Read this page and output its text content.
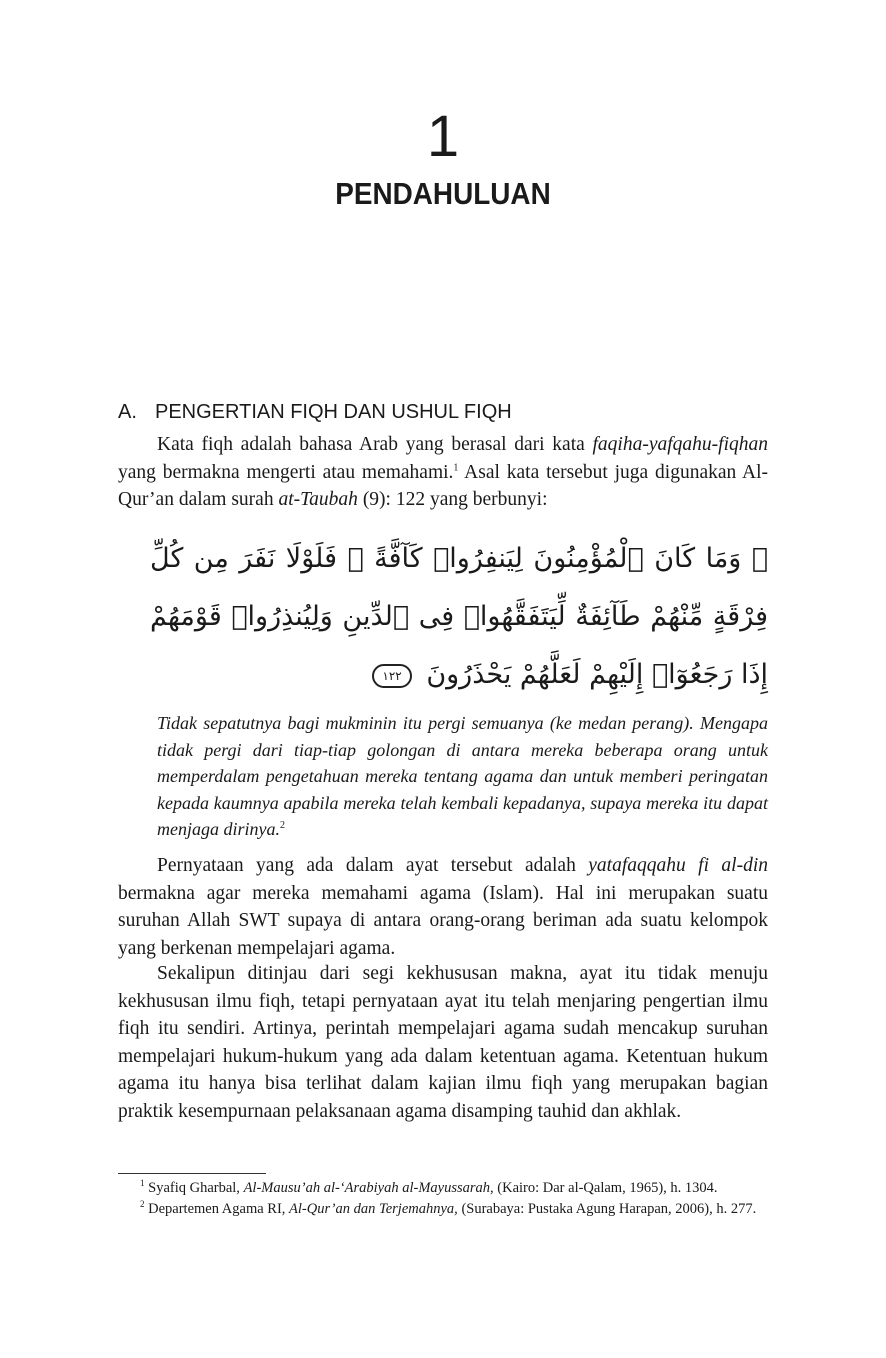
1
PENDAHULUAN
A. PENGERTIAN FIQH DAN USHUL FIQH

Kata fiqh adalah bahasa Arab yang berasal dari kata faqiha-yafqahu-fiqhan yang bermakna mengerti atau memahami.$^1$ Asal kata tersebut juga digunakan Al-Qur’an dalam surah at-Taubah (9): 122 yang berbunyi:

۞ وَمَا كَانَ ٱلْمُؤْمِنُونَ لِيَنفِرُوا۟ كَآفَّةً ۚ فَلَوْلَا نَفَرَ مِن كُلِّ فِرْقَةٍ مِّنْهُمْ طَآئِفَةٌ لِّيَتَفَقَّهُوا۟ فِى ٱلدِّينِ وَلِيُنذِرُوا۟ قَوْمَهُمْ إِذَا رَجَعُوٓا۟ إِلَيْهِمْ لَعَلَّهُمْ يَحْذَرُونَ ١٢٢

Tidak sepatutnya bagi mukminin itu pergi semuanya (ke medan perang). Mengapa tidak pergi dari tiap-tiap golongan di antara mereka beberapa orang untuk memperdalam pengetahuan mereka tentang agama dan untuk memberi peringatan kepada kaumnya apabila mereka telah kembali kepadanya, supaya mereka itu dapat menjaga dirinya.$^2$

Pernyataan yang ada dalam ayat tersebut adalah yatafaqqahu fi al-din bermakna agar mereka memahami agama (Islam). Hal ini merupakan suatu suruhan Allah SWT supaya di antara orang-orang beriman ada suatu kelompok yang berkenan mempelajari agama.

Sekalipun ditinjau dari segi kekhususan makna, ayat itu tidak menuju kekhususan ilmu fiqh, tetapi pernyataan ayat itu telah menjaring pengertian ilmu fiqh itu sendiri. Artinya, perintah mempelajari agama sudah mencakup suruhan mempelajari hukum-hukum yang ada dalam ketentuan agama. Ketentuan hukum agama itu hanya bisa terlihat dalam kajian ilmu fiqh yang merupakan bagian praktik kesempurnaan pelaksanaan agama disamping tauhid dan akhlak.

$^1$ Syafiq Gharbal, Al-Mausu’ah al-‘Arabiyah al-Mayussarah, (Kairo: Dar al-Qalam, 1965), h. 1304.

$^2$ Departemen Agama RI, Al-Qur’an dan Terjemahnya, (Surabaya: Pustaka Agung Harapan, 2006), h. 277.
